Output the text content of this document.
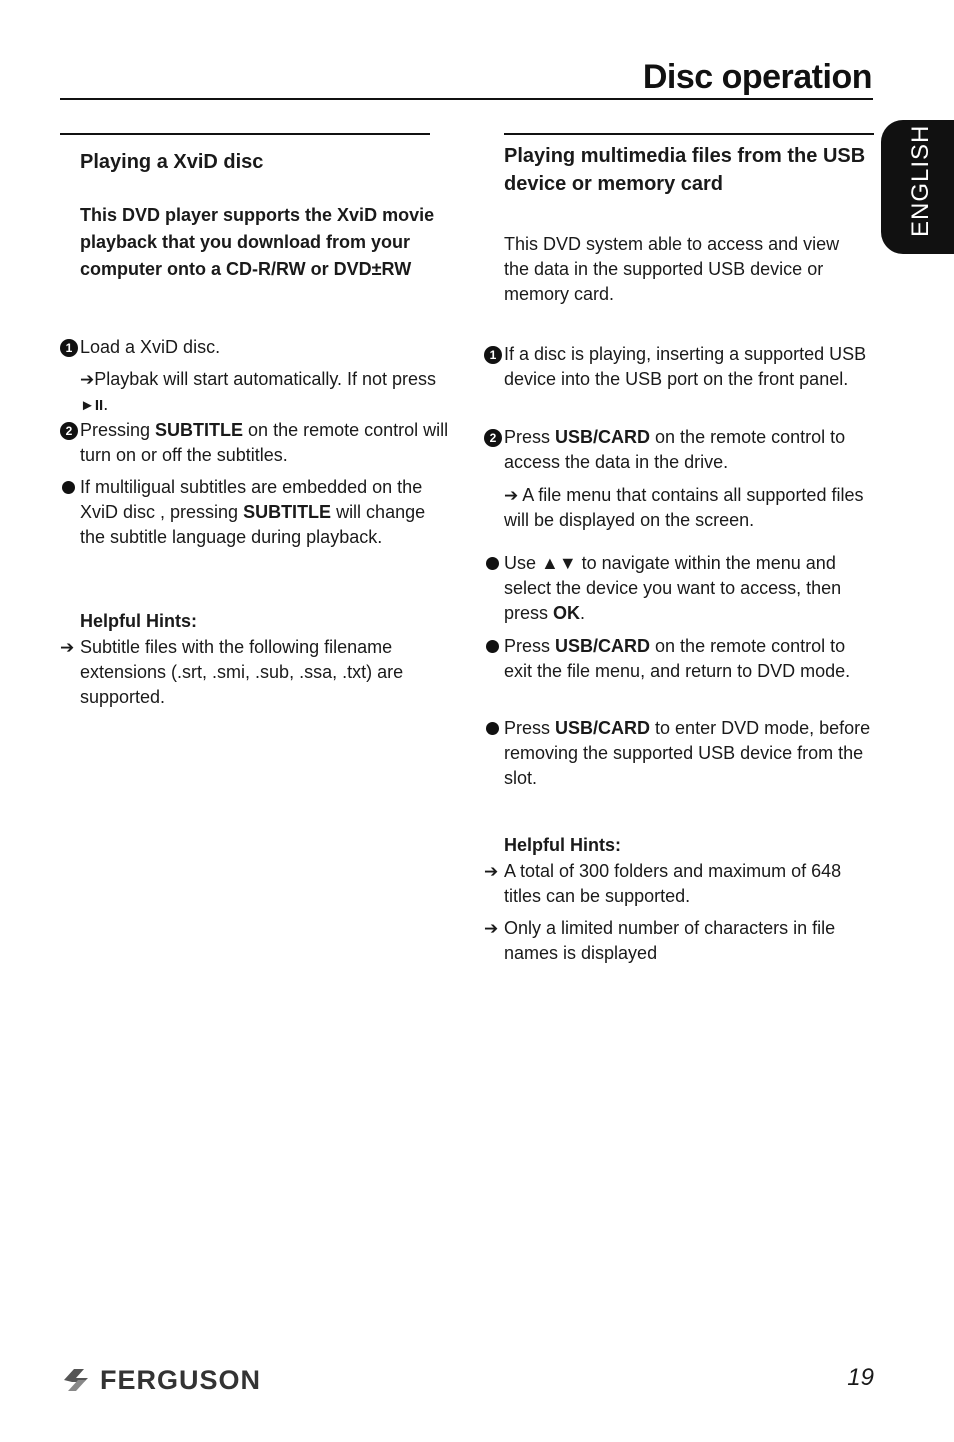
Disc operation
ENGLISH
Playing a XviD disc
This DVD player supports the XviD movie playback that you download from your computer onto a CD-R/RW or DVD±RW
1 Load a XviD disc.
➔Playbak will start automatically. If not press ►II.
2 Pressing SUBTITLE on the remote control will turn on or off the subtitles.
If multiligual subtitles are embedded on the XviD disc , pressing SUBTITLE will change the subtitle language during playback.
Helpful Hints:
➔ Subtitle files with the following filename extensions (.srt, .smi, .sub, .ssa, .txt) are supported.
Playing multimedia files from the USB device or memory card
This DVD system able to access and view the data in the supported USB device or memory card.
1 If a disc is playing, inserting a supported USB device into the USB port on the front panel.
2 Press USB/CARD on the remote control to access the data in the drive.
➔ A file menu that contains all supported files will be displayed on the screen.
Use ▲▼ to navigate within the menu and select the device you want to access, then press OK.
Press USB/CARD on the remote control to exit the file menu, and return to DVD mode.
Press USB/CARD to enter DVD mode, before removing the supported USB device from the slot.
Helpful Hints:
➔ A total of 300 folders and maximum of 648 titles can be supported.
➔ Only a limited number of characters in file names is displayed
FERGUSON	19
